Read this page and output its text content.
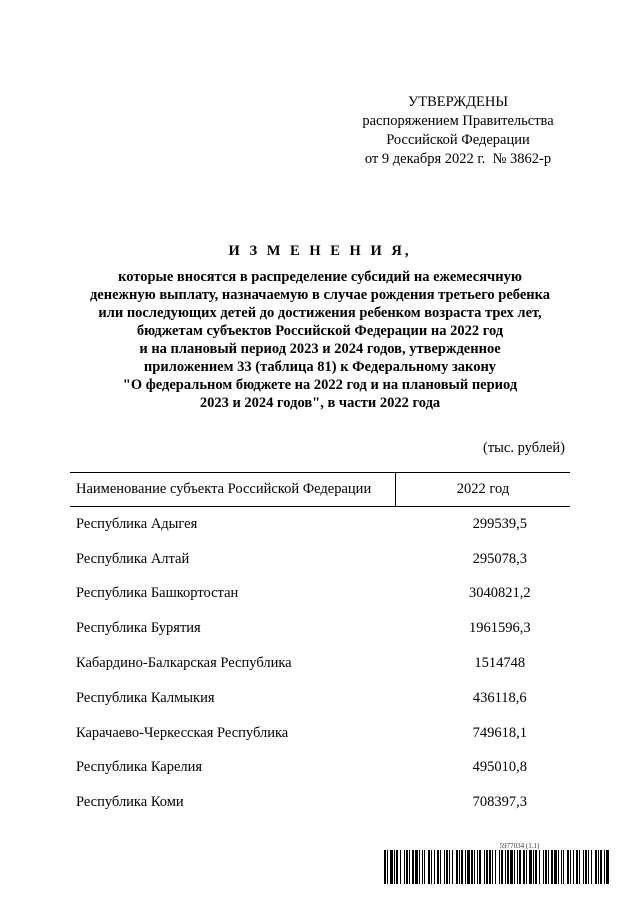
УТВЕРЖДЕНЫ
распоряжением Правительства
Российской Федерации
от 9 декабря 2022 г.  № 3862-р
И З М Е Н Е Н И Я,
которые вносятся в распределение субсидий на ежемесячную
денежную выплату, назначаемую в случае рождения третьего ребенка
или последующих детей до достижения ребенком возраста трех лет,
бюджетам субъектов Российской Федерации на 2022 год
и на плановый период 2023 и 2024 годов, утвержденное
приложением 33 (таблица 81) к Федеральному закону
"О федеральном бюджете на 2022 год и на плановый период
2023 и 2024 годов", в части 2022 года
(тыс. рублей)
Наименование субъекта Российской Федерации	2022 год
Республика Адыгея	299539,5
Республика Алтай	295078,3
Республика Башкортостан	3040821,2
Республика Бурятия	1961596,3
Кабардино-Балкарская Республика	1514748
Республика Калмыкия	436118,6
Карачаево-Черкесская Республика	749618,1
Республика Карелия	495010,8
Республика Коми	708397,3
5977034 (1.1)
